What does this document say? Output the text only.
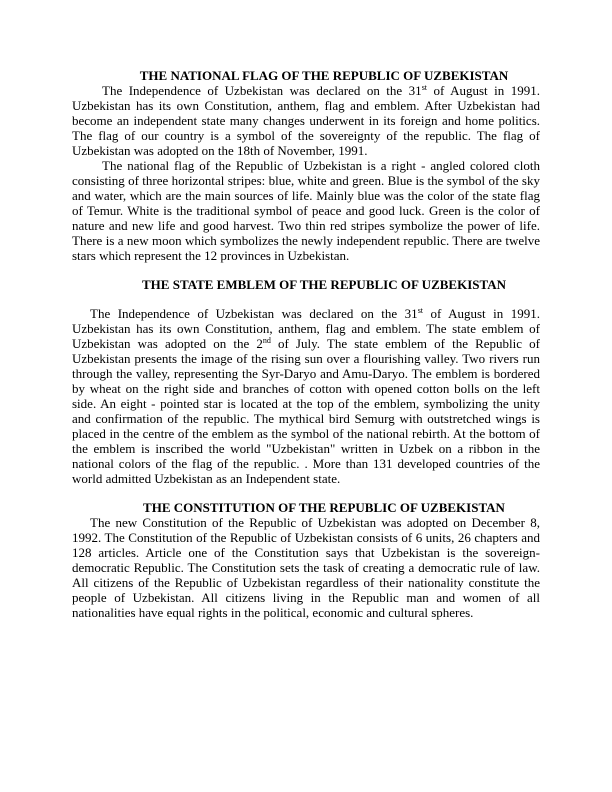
THE NATIONAL FLAG OF THE REPUBLIC OF UZBEKISTAN

The Independence of Uzbekistan was declared on the 31st of August in 1991. Uzbekistan has its own Constitution, anthem, flag and emblem. After Uzbekistan had become an independent state many changes underwent in its foreign and home politics. The flag of our country is a symbol of the sovereignty of the republic. The flag of Uzbekistan was adopted on the 18th of November, 1991.

The national flag of the Republic of Uzbekistan is a right - angled colored cloth consisting of three horizontal stripes: blue, white and green. Blue is the symbol of the sky and water, which are the main sources of life. Mainly blue was the color of the state flag of Temur. White is the traditional symbol of peace and good luck. Green is the color of nature and new life and good harvest. Two thin red stripes symbolize the power of life. There is a new moon which symbolizes the newly independent republic. There are twelve stars which represent the 12 provinces in Uzbekistan.

THE STATE EMBLEM OF THE REPUBLIC OF UZBEKISTAN

The Independence of Uzbekistan was declared on the 31st of August in 1991. Uzbekistan has its own Constitution, anthem, flag and emblem. The state emblem of Uzbekistan was adopted on the 2nd of July. The state emblem of the Republic of Uzbekistan presents the image of the rising sun over a flourishing valley. Two rivers run through the valley, representing the Syr-Daryo and Amu-Daryo. The emblem is bordered by wheat on the right side and branches of cotton with opened cotton bolls on the left side. An eight - pointed star is located at the top of the emblem, symbolizing the unity and confirmation of the republic. The mythical bird Semurg with outstretched wings is placed in the centre of the emblem as the symbol of the national rebirth. At the bottom of the emblem is inscribed the world "Uzbekistan" written in Uzbek on a ribbon in the national colors of the flag of the republic. . More than 131 developed countries of the world admitted Uzbekistan as an Independent state.

THE CONSTITUTION OF THE REPUBLIC OF UZBEKISTAN

The new Constitution of the Republic of Uzbekistan was adopted on December 8, 1992. The Constitution of the Republic of Uzbekistan consists of 6 units, 26 chapters and 128 articles. Article one of the Constitution says that Uzbekistan is the sovereign-democratic Republic. The Constitution sets the task of creating a democratic rule of law. All citizens of the Republic of Uzbekistan regardless of their nationality constitute the people of Uzbekistan. All citizens living in the Republic man and women of all nationalities have equal rights in the political, economic and cultural spheres.
